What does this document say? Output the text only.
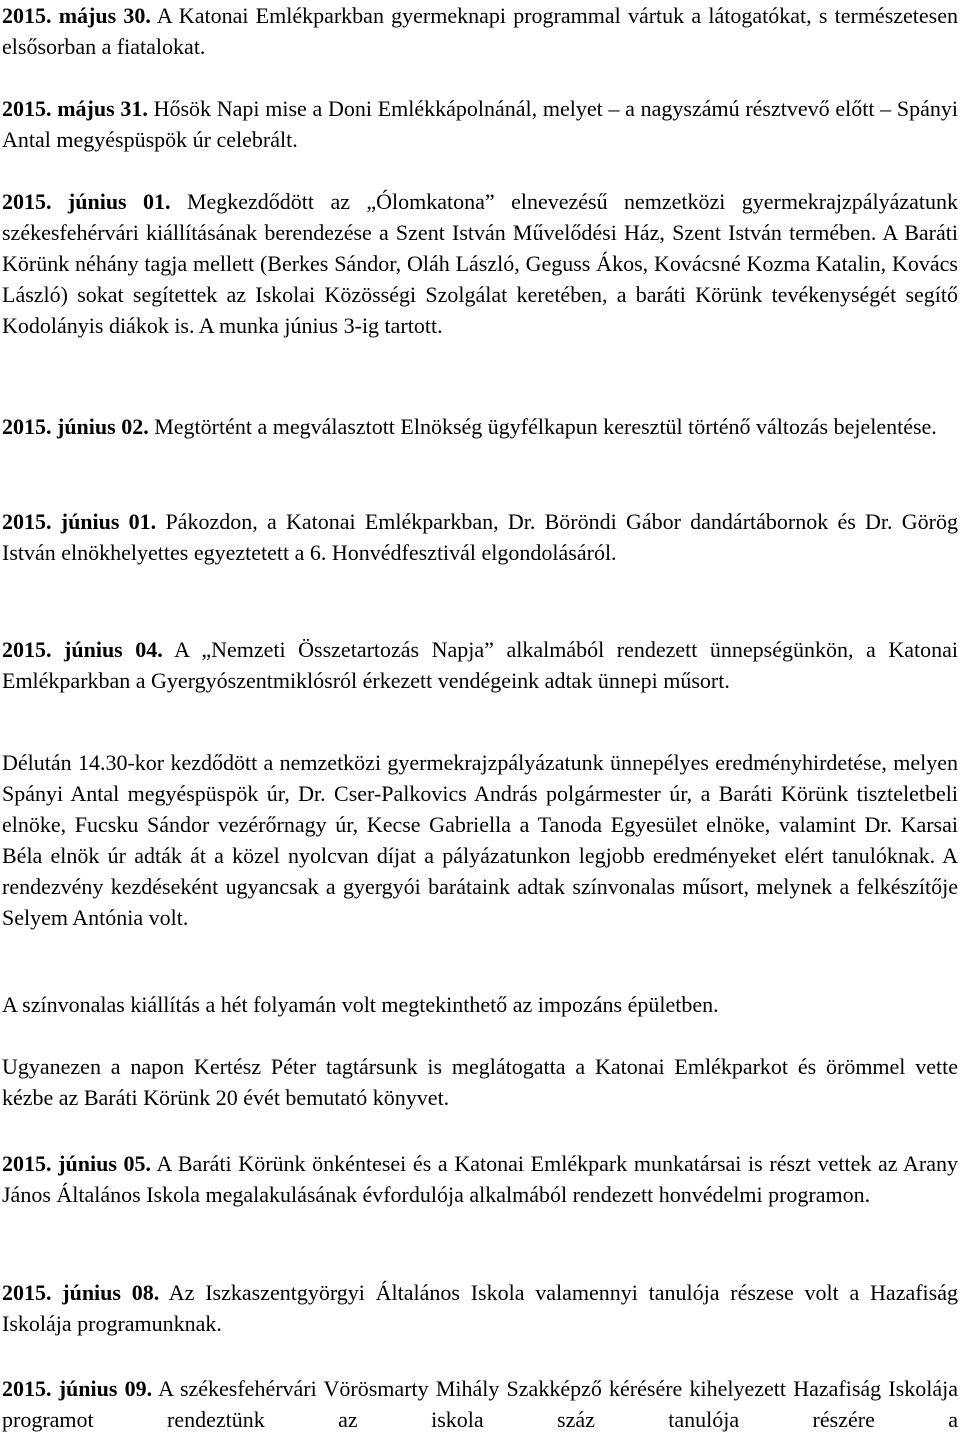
2015. május 30. A Katonai Emlékparkban gyermeknapi programmal vártuk a látogatókat, s természetesen elsősorban a fiatalokat.

2015. május 31. Hősök Napi mise a Doni Emlékkápolnánál, melyet – a nagyszámú résztvevő előtt – Spányi Antal megyéspüspök úr celebrált.

2015. június 01. Megkezdődött az „Ólomkatona” elnevezésű nemzetközi gyermekrajzpályázatunk székesfehérvári kiállításának berendezése a Szent István Művelődési Ház, Szent István termében. A Baráti Körünk néhány tagja mellett (Berkes Sándor, Oláh László, Geguss Ákos, Kovácsné Kozma Katalin, Kovács László) sokat segítettek az Iskolai Közösségi Szolgálat keretében, a baráti Körünk tevékenységét segítő Kodolányis diákok is. A munka június 3-ig tartott.

2015. június 02. Megtörtént a megválasztott Elnökség ügyfélkapun keresztül történő változás bejelentése.

2015. június 01. Pákozdon, a Katonai Emlékparkban, Dr. Böröndi Gábor dandártábornok és Dr. Görög István elnökhelyettes egyeztetett a 6. Honvédfesztivál elgondolásáról.

2015. június 04. A „Nemzeti Összetartozás Napja” alkalmából rendezett ünnepségünkön, a Katonai Emlékparkban a Gyergyószentmiklósról érkezett vendégeink adtak ünnepi műsort.

Délután 14.30-kor kezdődött a nemzetközi gyermekrajzpályázatunk ünnepélyes eredményhirdetése, melyen Spányi Antal megyéspüspök úr, Dr. Cser-Palkovics András polgármester úr, a Baráti Körünk tiszteletbeli elnöke, Fucsku Sándor vezérőrnagy úr, Kecse Gabriella a Tanoda Egyesület elnöke, valamint Dr. Karsai Béla elnök úr adták át a közel nyolcvan díjat a pályázatunkon legjobb eredményeket elért tanulóknak. A rendezvény kezdéseként ugyancsak a gyergyói barátaink adtak színvonalas műsort, melynek a felkészítője Selyem Antónia volt.

A színvonalas kiállítás a hét folyamán volt megtekinthető az impozáns épületben.

Ugyanezen a napon Kertész Péter tagtársunk is meglátogatta a Katonai Emlékparkot és örömmel vette kézbe az Baráti Körünk 20 évét bemutató könyvet.

2015. június 05. A Baráti Körünk önkéntesei és a Katonai Emlékpark munkatársai is részt vettek az Arany János Általános Iskola megalakulásának évfordulója alkalmából rendezett honvédelmi programon.

2015. június 08. Az Iszkaszentgyörgyi Általános Iskola valamennyi tanulója részese volt a Hazafiság Iskolája programunknak.

2015. június 09. A székesfehérvári Vörösmarty Mihály Szakképző kérésére kihelyezett Hazafiság Iskolája programot rendeztünk az iskola száz tanulója részére a
